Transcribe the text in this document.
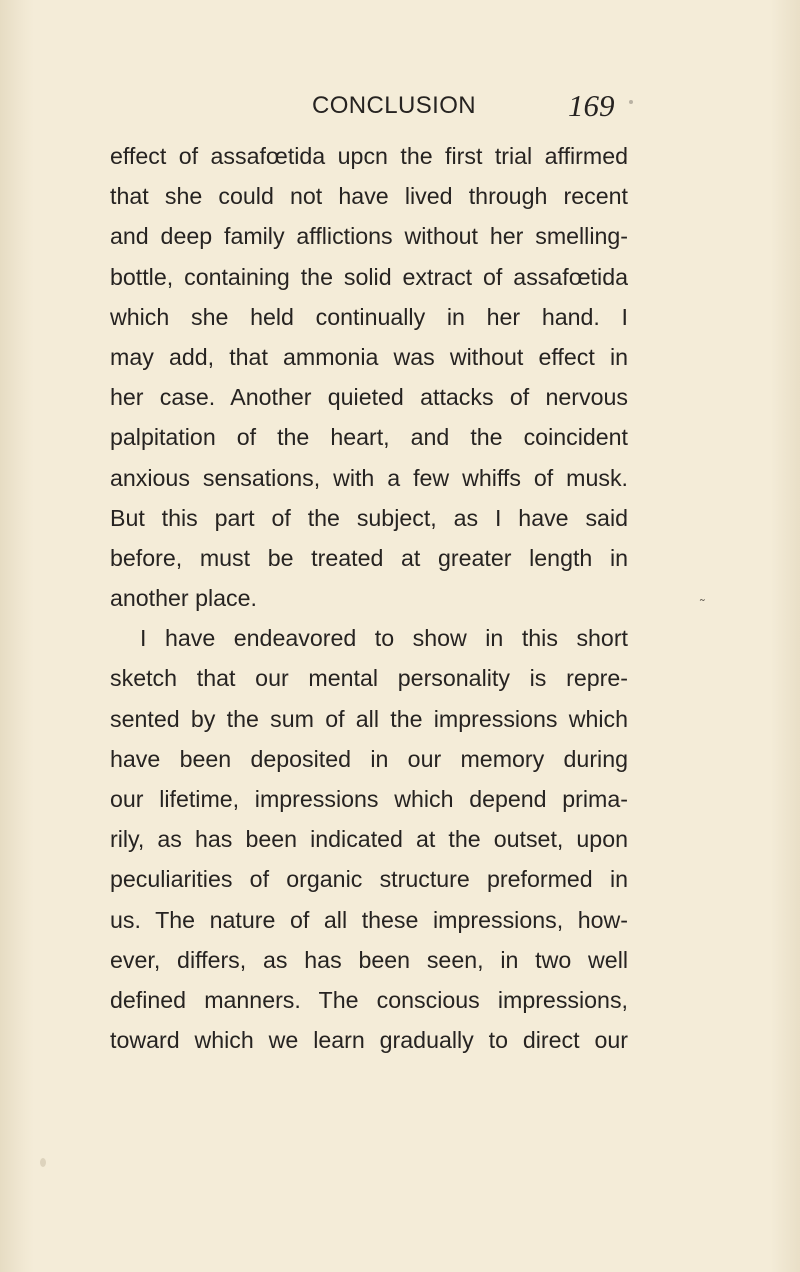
CONCLUSION	169
effect of assafœtida upcn the first trial affirmed
that she could not have lived through recent
and deep family afflictions without her smelling-
bottle, containing the solid extract of assafœtida
which she held continually in her hand. I
may add, that ammonia was without effect in
her case. Another quieted attacks of nervous
palpitation of the heart, and the coincident
anxious sensations, with a few whiffs of musk.
But this part of the subject, as I have said
before, must be treated at greater length in
another place.
I have endeavored to show in this short
sketch that our mental personality is repre-
sented by the sum of all the impressions which
have been deposited in our memory during
our lifetime, impressions which depend prima-
rily, as has been indicated at the outset, upon
peculiarities of organic structure preformed in
us. The nature of all these impressions, how-
ever, differs, as has been seen, in two well
defined manners. The conscious impressions,
toward which we learn gradually to direct our
˜
